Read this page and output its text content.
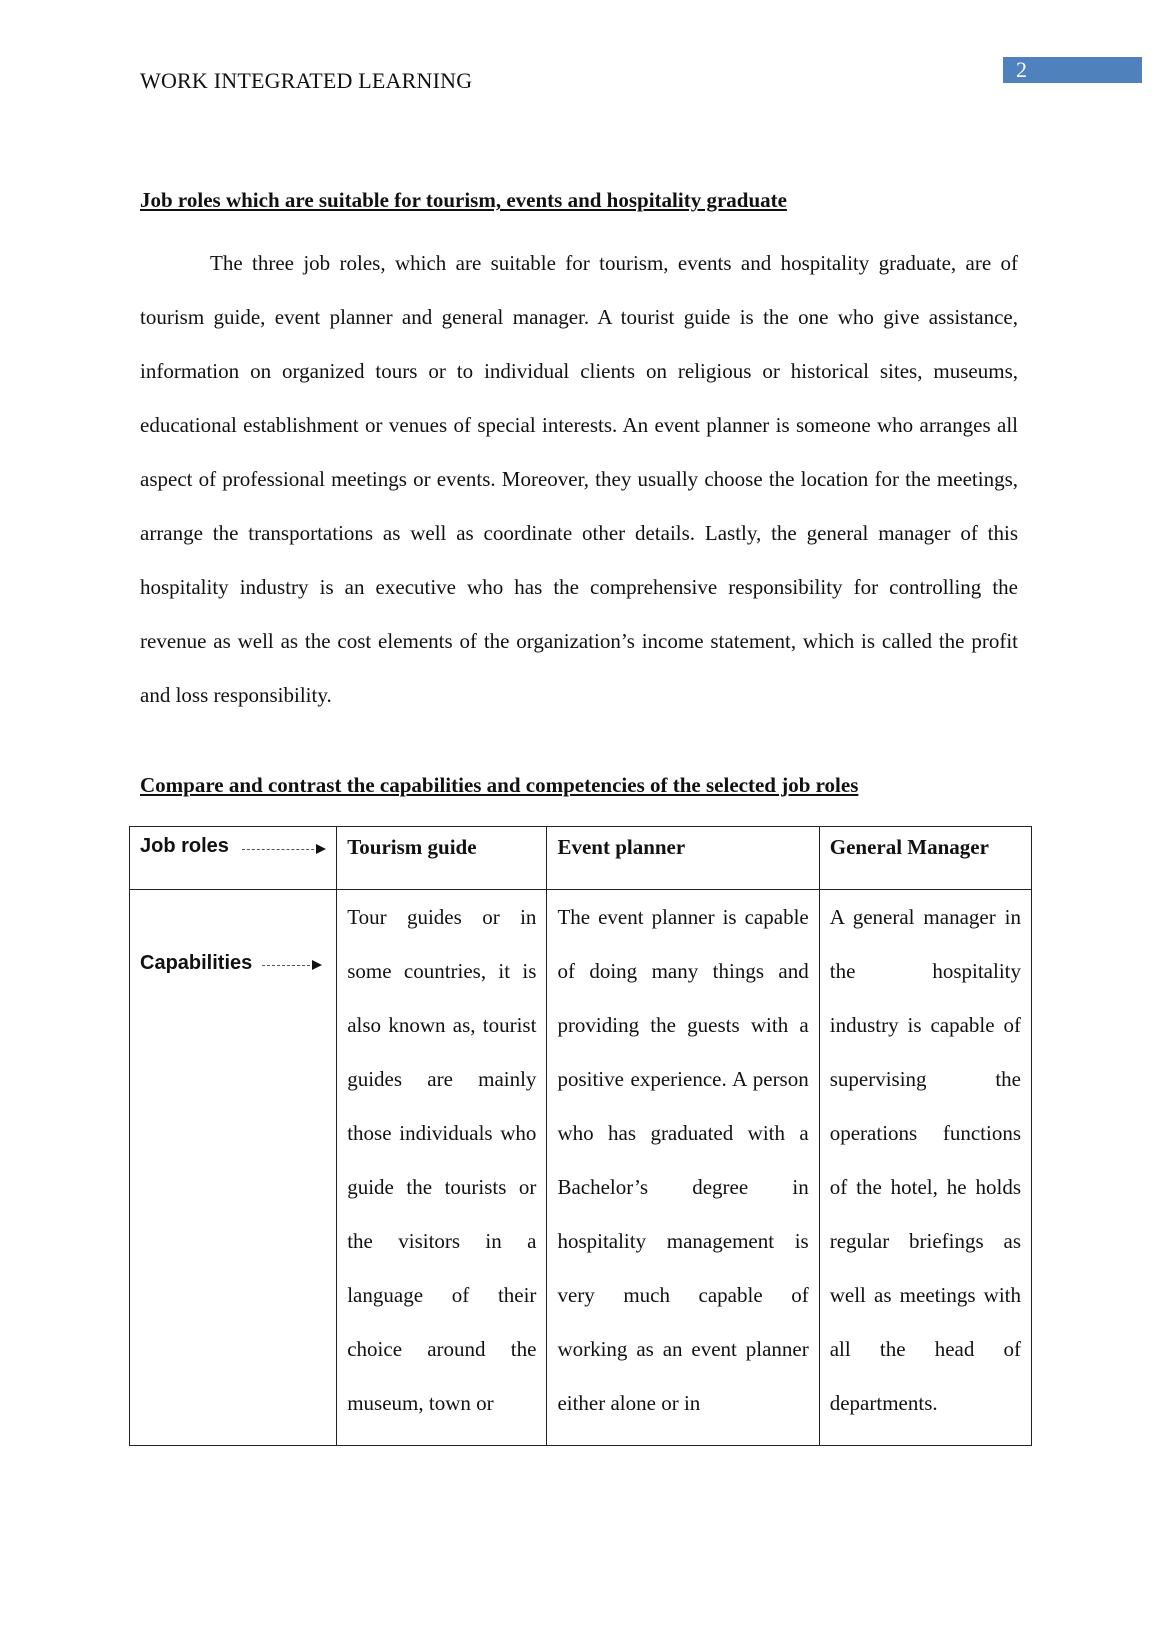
WORK INTEGRATED LEARNING	2
Job roles which are suitable for tourism, events and hospitality graduate

The three job roles, which are suitable for tourism, events and hospitality graduate, are of tourism guide, event planner and general manager. A tourist guide is the one who give assistance, information on organized tours or to individual clients on religious or historical sites, museums, educational establishment or venues of special interests. An event planner is someone who arranges all aspect of professional meetings or events. Moreover, they usually choose the location for the meetings, arrange the transportations as well as coordinate other details. Lastly, the general manager of this hospitality industry is an executive who has the comprehensive responsibility for controlling the revenue as well as the cost elements of the organization’s income statement, which is called the profit and loss responsibility.

Compare and contrast the capabilities and competencies of the selected job roles
Job roles	Tourism guide	Event planner	General Manager

Capabilities	Tour guides or in some countries, it is also known as, tourist guides are mainly those individuals who guide the tourists or the visitors in a language of their choice around the museum, town or	The event planner is capable of doing many things and providing the guests with a positive experience. A person who has graduated with a Bachelor’s degree in hospitality management is very much capable of working as an event planner either alone or in	A general manager in the hospitality industry is capable of supervising the operations functions of the hotel, he holds regular briefings as well as meetings with all the head of departments.
